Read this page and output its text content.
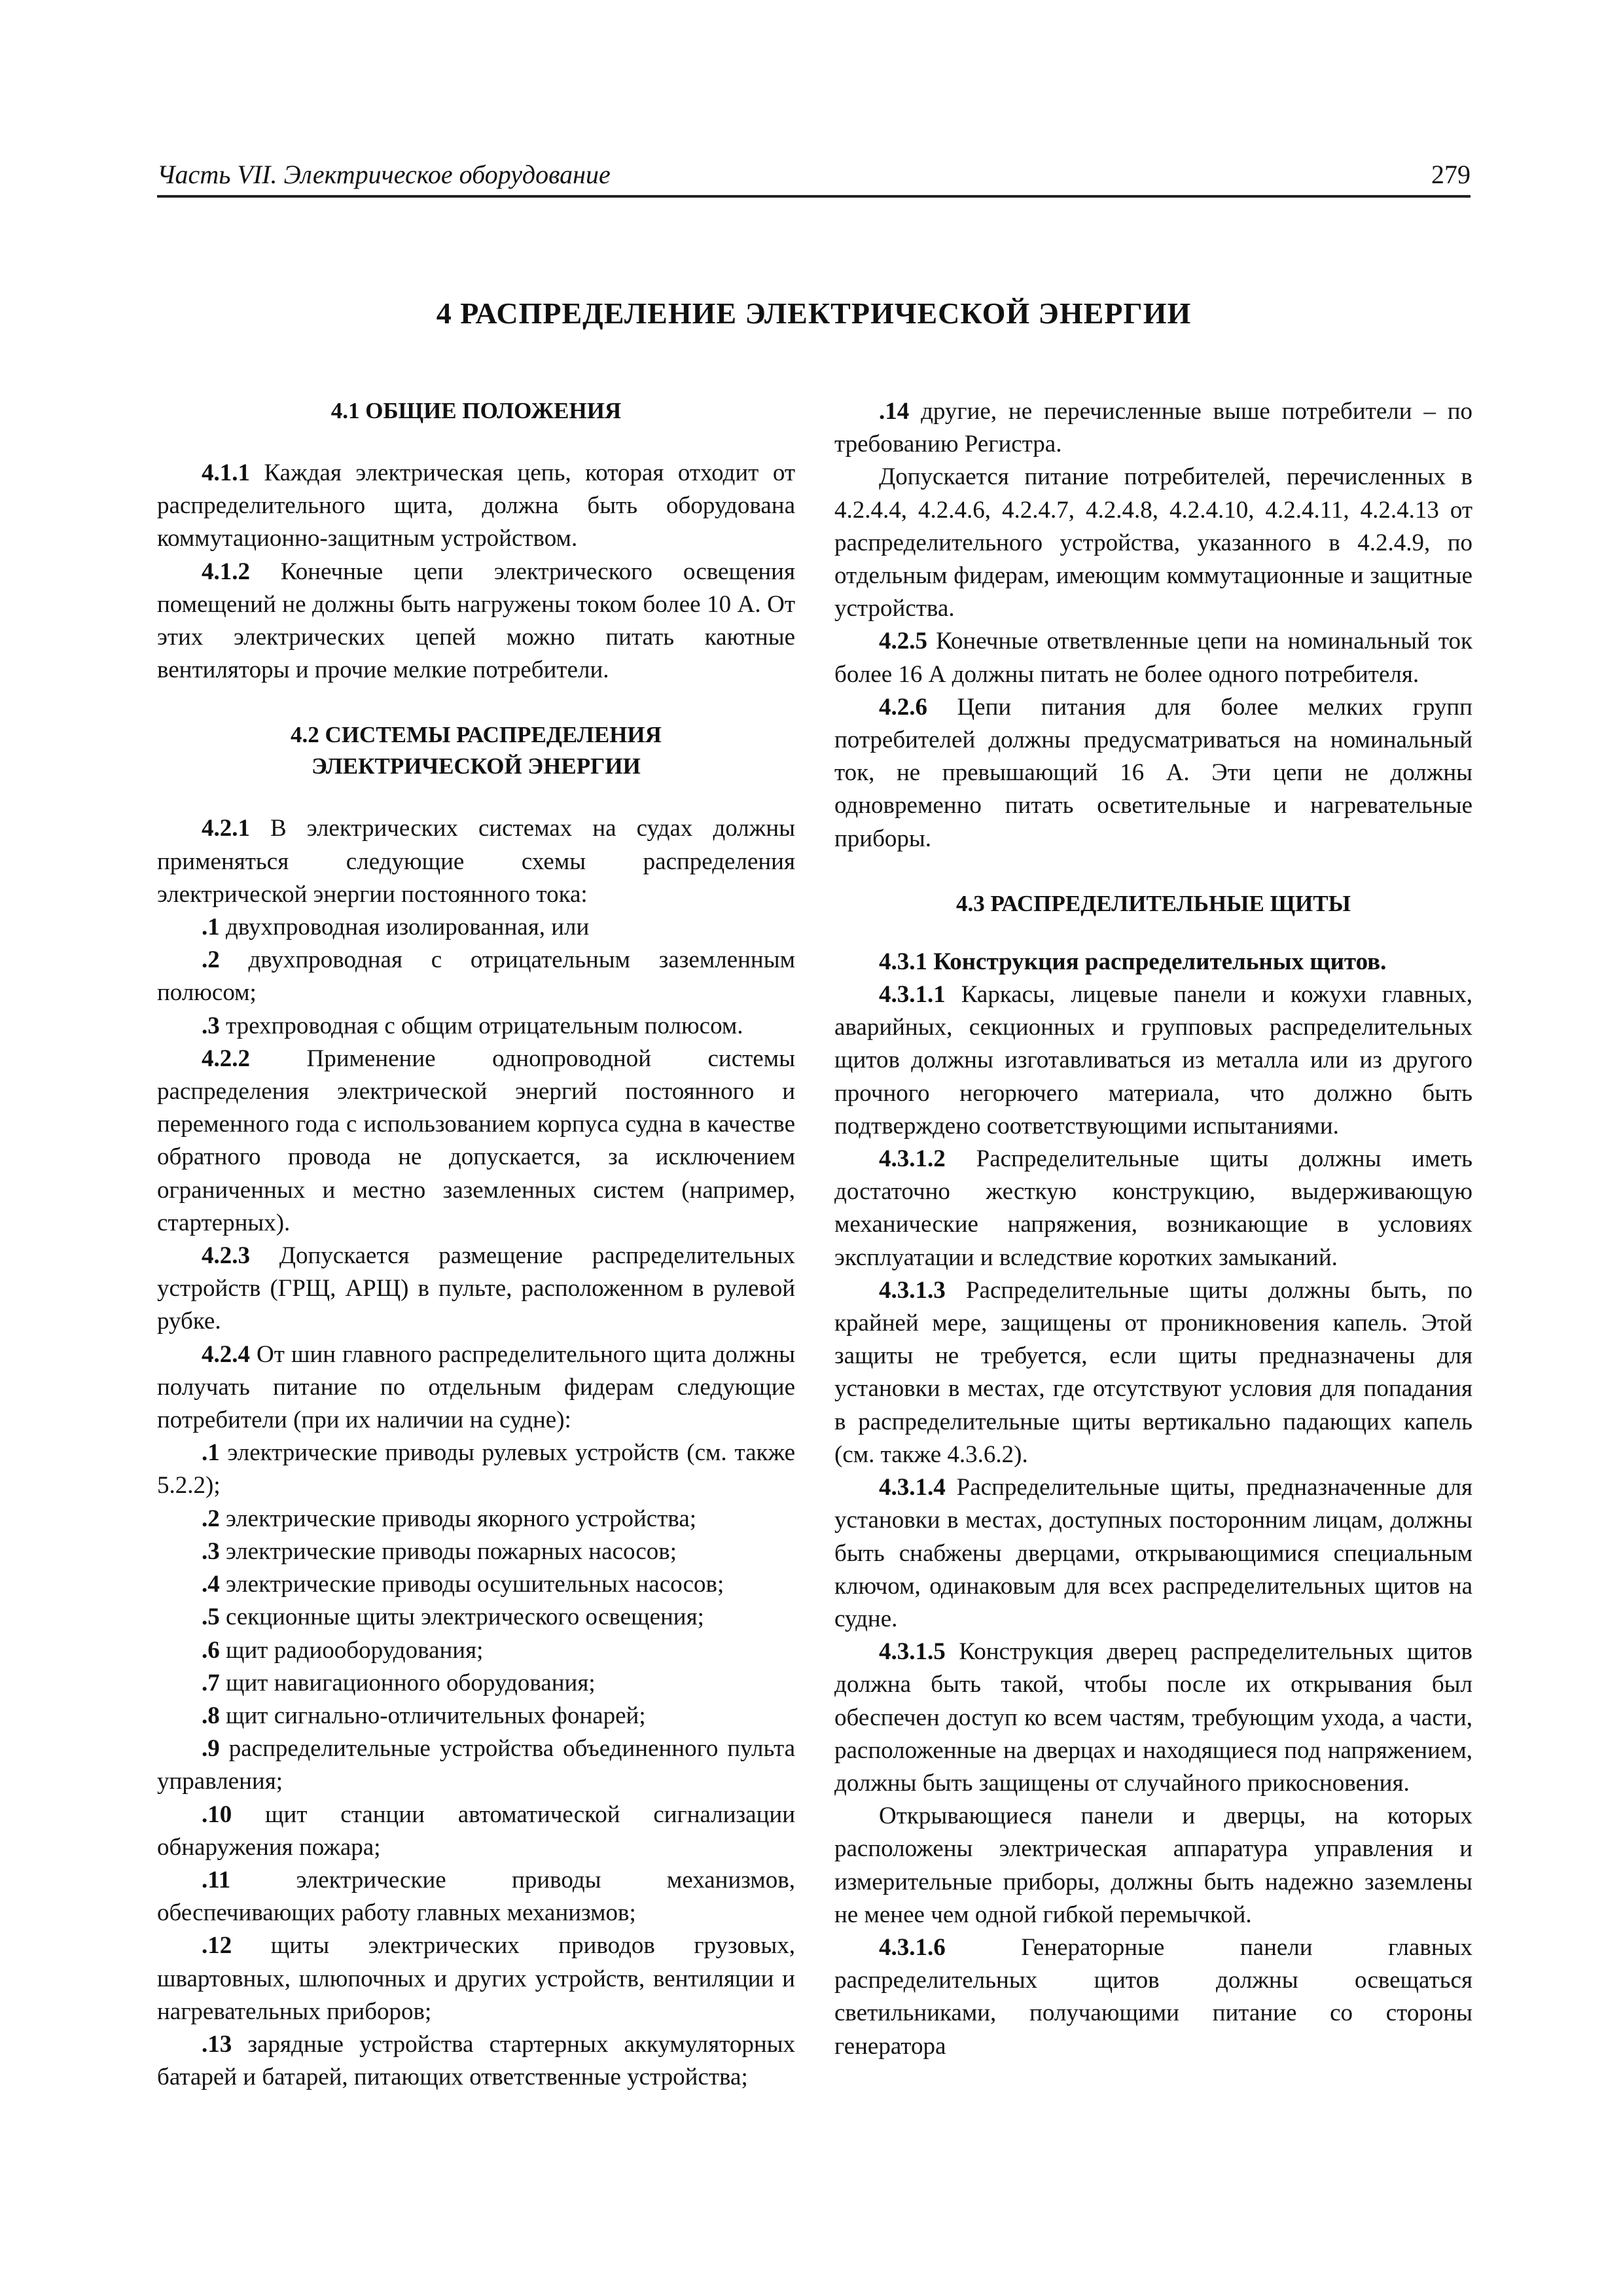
Часть VII. Электрическое оборудование	279
4 РАСПРЕДЕЛЕНИЕ ЭЛЕКТРИЧЕСКОЙ ЭНЕРГИИ
4.1 ОБЩИЕ ПОЛОЖЕНИЯ

4.1.1 Каждая электрическая цепь, которая отходит от распределительного щита, должна быть оборудована коммутационно-защитным устройством.

4.1.2 Конечные цепи электрического освещения помещений не должны быть нагружены током более 10 А. От этих электрических цепей можно питать каютные вентиляторы и прочие мелкие потребители.

4.2 СИСТЕМЫ РАСПРЕДЕЛЕНИЯ
ЭЛЕКТРИЧЕСКОЙ ЭНЕРГИИ

4.2.1 В электрических системах на судах должны применяться следующие схемы распределения электрической энергии постоянного тока:

.1 двухпроводная изолированная, или

.2 двухпроводная с отрицательным заземленным полюсом;

.3 трехпроводная с общим отрицательным полюсом.

4.2.2 Применение однопроводной системы распределения электрической энергий постоянного и переменного года с использованием корпуса судна в качестве обратного провода не допускается, за исключением ограниченных и местно заземленных систем (например, стартерных).

4.2.3 Допускается размещение распределительных устройств (ГРЩ, АРЩ) в пульте, расположенном в рулевой рубке.

4.2.4 От шин главного распределительного щита должны получать питание по отдельным фидерам следующие потребители (при их наличии на судне):

.1 электрические приводы рулевых устройств (см. также 5.2.2);

.2 электрические приводы якорного устройства;

.3 электрические приводы пожарных насосов;

.4 электрические приводы осушительных насосов;

.5 секционные щиты электрического освещения;

.6 щит радиооборудования;

.7 щит навигационного оборудования;

.8 щит сигнально-отличительных фонарей;

.9 распределительные устройства объединенного пульта управления;

.10 щит станции автоматической сигнализации обнаружения пожара;

.11 электрические приводы механизмов, обеспечивающих работу главных механизмов;

.12 щиты электрических приводов грузовых, швартовных, шлюпочных и других устройств, вентиляции и нагревательных приборов;

.13 зарядные устройства стартерных аккумуляторных батарей и батарей, питающих ответственные устройства;

.14 другие, не перечисленные выше потребители – по требованию Регистра.

Допускается питание потребителей, перечисленных в 4.2.4.4, 4.2.4.6, 4.2.4.7, 4.2.4.8, 4.2.4.10, 4.2.4.11, 4.2.4.13 от распределительного устройства, указанного в 4.2.4.9, по отдельным фидерам, имеющим коммутационные и защитные устройства.

4.2.5 Конечные ответвленные цепи на номинальный ток более 16 А должны питать не более одного потребителя.

4.2.6 Цепи питания для более мелких групп потребителей должны предусматриваться на номинальный ток, не превышающий 16 А. Эти цепи не должны одновременно питать осветительные и нагревательные приборы.

4.3 РАСПРЕДЕЛИТЕЛЬНЫЕ ЩИТЫ

4.3.1 Конструкция распределительных щитов.

4.3.1.1 Каркасы, лицевые панели и кожухи главных, аварийных, секционных и групповых распределительных щитов должны изготавливаться из металла или из другого прочного негорючего материала, что должно быть подтверждено соответствующими испытаниями.

4.3.1.2 Распределительные щиты должны иметь достаточно жесткую конструкцию, выдерживающую механические напряжения, возникающие в условиях эксплуатации и вследствие коротких замыканий.

4.3.1.3 Распределительные щиты должны быть, по крайней мере, защищены от проникновения капель. Этой защиты не требуется, если щиты предназначены для установки в местах, где отсутствуют условия для попадания в распределительные щиты вертикально падающих капель (см. также 4.3.6.2).

4.3.1.4 Распределительные щиты, предназначенные для установки в местах, доступных посторонним лицам, должны быть снабжены дверцами, открывающимися специальным ключом, одинаковым для всех распределительных щитов на судне.

4.3.1.5 Конструкция дверец распределительных щитов должна быть такой, чтобы после их открывания был обеспечен доступ ко всем частям, требующим ухода, а части, расположенные на дверцах и находящиеся под напряжением, должны быть защищены от случайного прикосновения.

Открывающиеся панели и дверцы, на которых расположены электрическая аппаратура управления и измерительные приборы, должны быть надежно заземлены не менее чем одной гибкой перемычкой.

4.3.1.6 Генераторные панели главных распределительных щитов должны освещаться светильниками, получающими питание со стороны генератора
